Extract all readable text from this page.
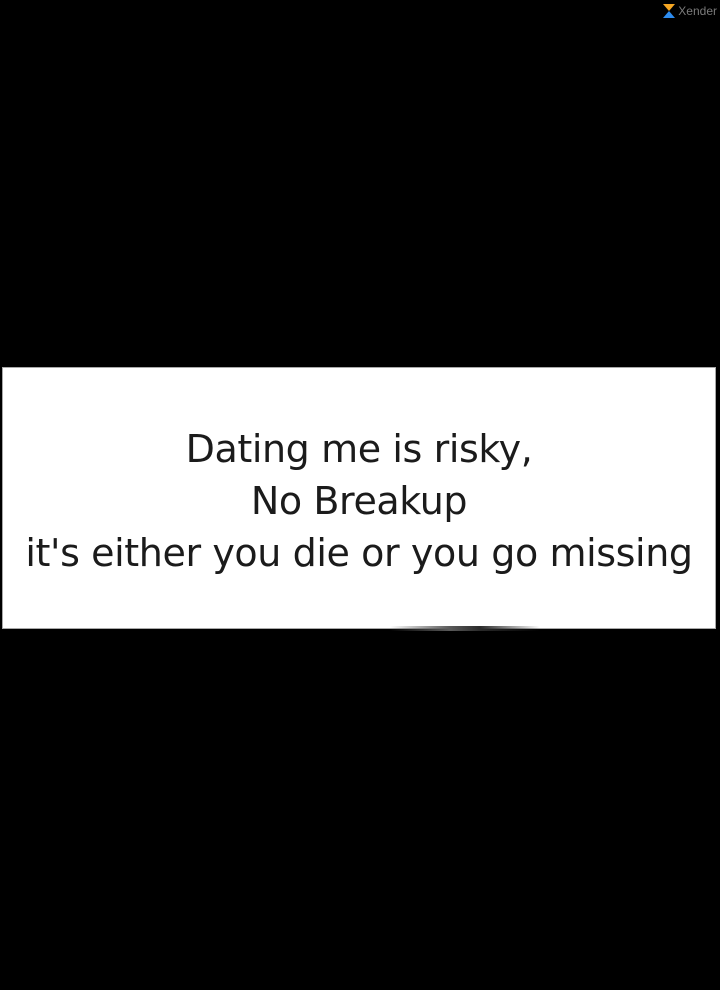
Xender
Dating me is risky,
No Breakup
it's either you die or you go missing
